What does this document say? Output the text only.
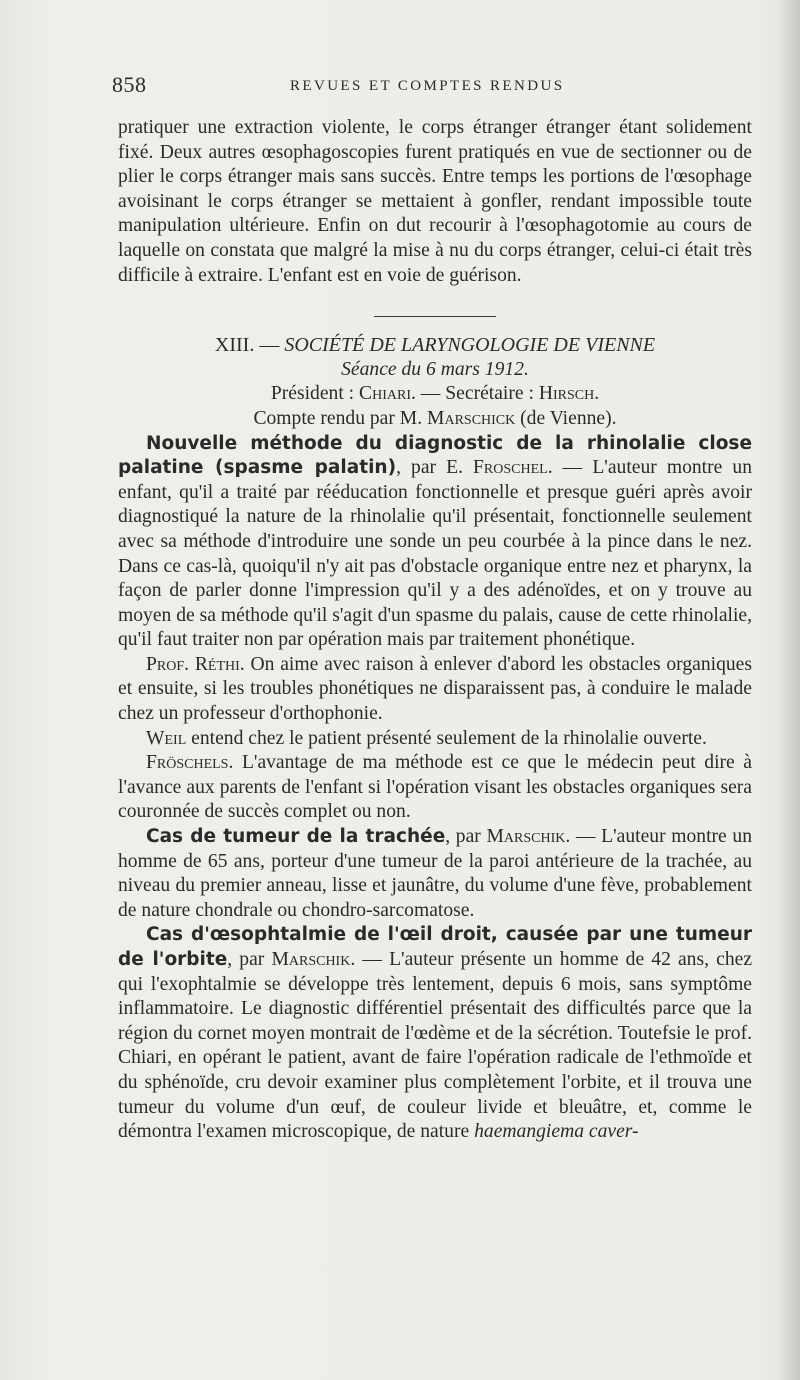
858	REVUES ET COMPTES RENDUS

pratiquer une extraction violente, le corps étranger étranger étant solidement fixé. Deux autres œsophagoscopies furent pratiqués en vue de sectionner ou de plier le corps étranger mais sans succès. Entre temps les portions de l'œsophage avoisinant le corps étranger se mettaient à gonfler, rendant impossible toute manipulation ultérieure. Enfin on dut recourir à l'œsophagotomie au cours de laquelle on constata que malgré la mise à nu du corps étranger, celui-ci était très difficile à extraire. L'enfant est en voie de guérison.

XIII. — SOCIÉTÉ DE LARYNGOLOGIE DE VIENNE

Séance du 6 mars 1912.

Président : Chiari. — Secrétaire : Hirsch.

Compte rendu par M. Marschick (de Vienne).

Nouvelle méthode du diagnostic de la rhinolalie close palatine (spasme palatin), par E. Froschel. — L'auteur montre un enfant, qu'il a traité par rééducation fonctionnelle et presque guéri après avoir diagnostiqué la nature de la rhinolalie qu'il présentait, fonctionnelle seulement avec sa méthode d'introduire une sonde un peu courbée à la pince dans le nez. Dans ce cas-là, quoiqu'il n'y ait pas d'obstacle organique entre nez et pharynx, la façon de parler donne l'impression qu'il y a des adénoïdes, et on y trouve au moyen de sa méthode qu'il s'agit d'un spasme du palais, cause de cette rhinolalie, qu'il faut traiter non par opération mais par traitement phonétique.

Prof. Réthi. On aime avec raison à enlever d'abord les obstacles organiques et ensuite, si les troubles phonétiques ne disparaissent pas, à conduire le malade chez un professeur d'orthophonie.

Weil entend chez le patient présenté seulement de la rhinolalie ouverte.

Fröschels. L'avantage de ma méthode est ce que le médecin peut dire à l'avance aux parents de l'enfant si l'opération visant les obstacles organiques sera couronnée de succès complet ou non.

Cas de tumeur de la trachée, par Marschik. — L'auteur montre un homme de 65 ans, porteur d'une tumeur de la paroi antérieure de la trachée, au niveau du premier anneau, lisse et jaunâtre, du volume d'une fève, probablement de nature chondrale ou chondro-sarcomatose.

Cas d'œsophtalmie de l'œil droit, causée par une tumeur de l'orbite, par Marschik. — L'auteur présente un homme de 42 ans, chez qui l'exophtalmie se développe très lentement, depuis 6 mois, sans symptôme inflammatoire. Le diagnostic différentiel présentait des difficultés parce que la région du cornet moyen montrait de l'œdème et de la sécrétion. Toutefsie le prof. Chiari, en opérant le patient, avant de faire l'opération radicale de l'ethmoïde et du sphénoïde, cru devoir examiner plus complètement l'orbite, et il trouva une tumeur du volume d'un œuf, de couleur livide et bleuâtre, et, comme le démontra l'examen microscopique, de nature haemangiema caver-
